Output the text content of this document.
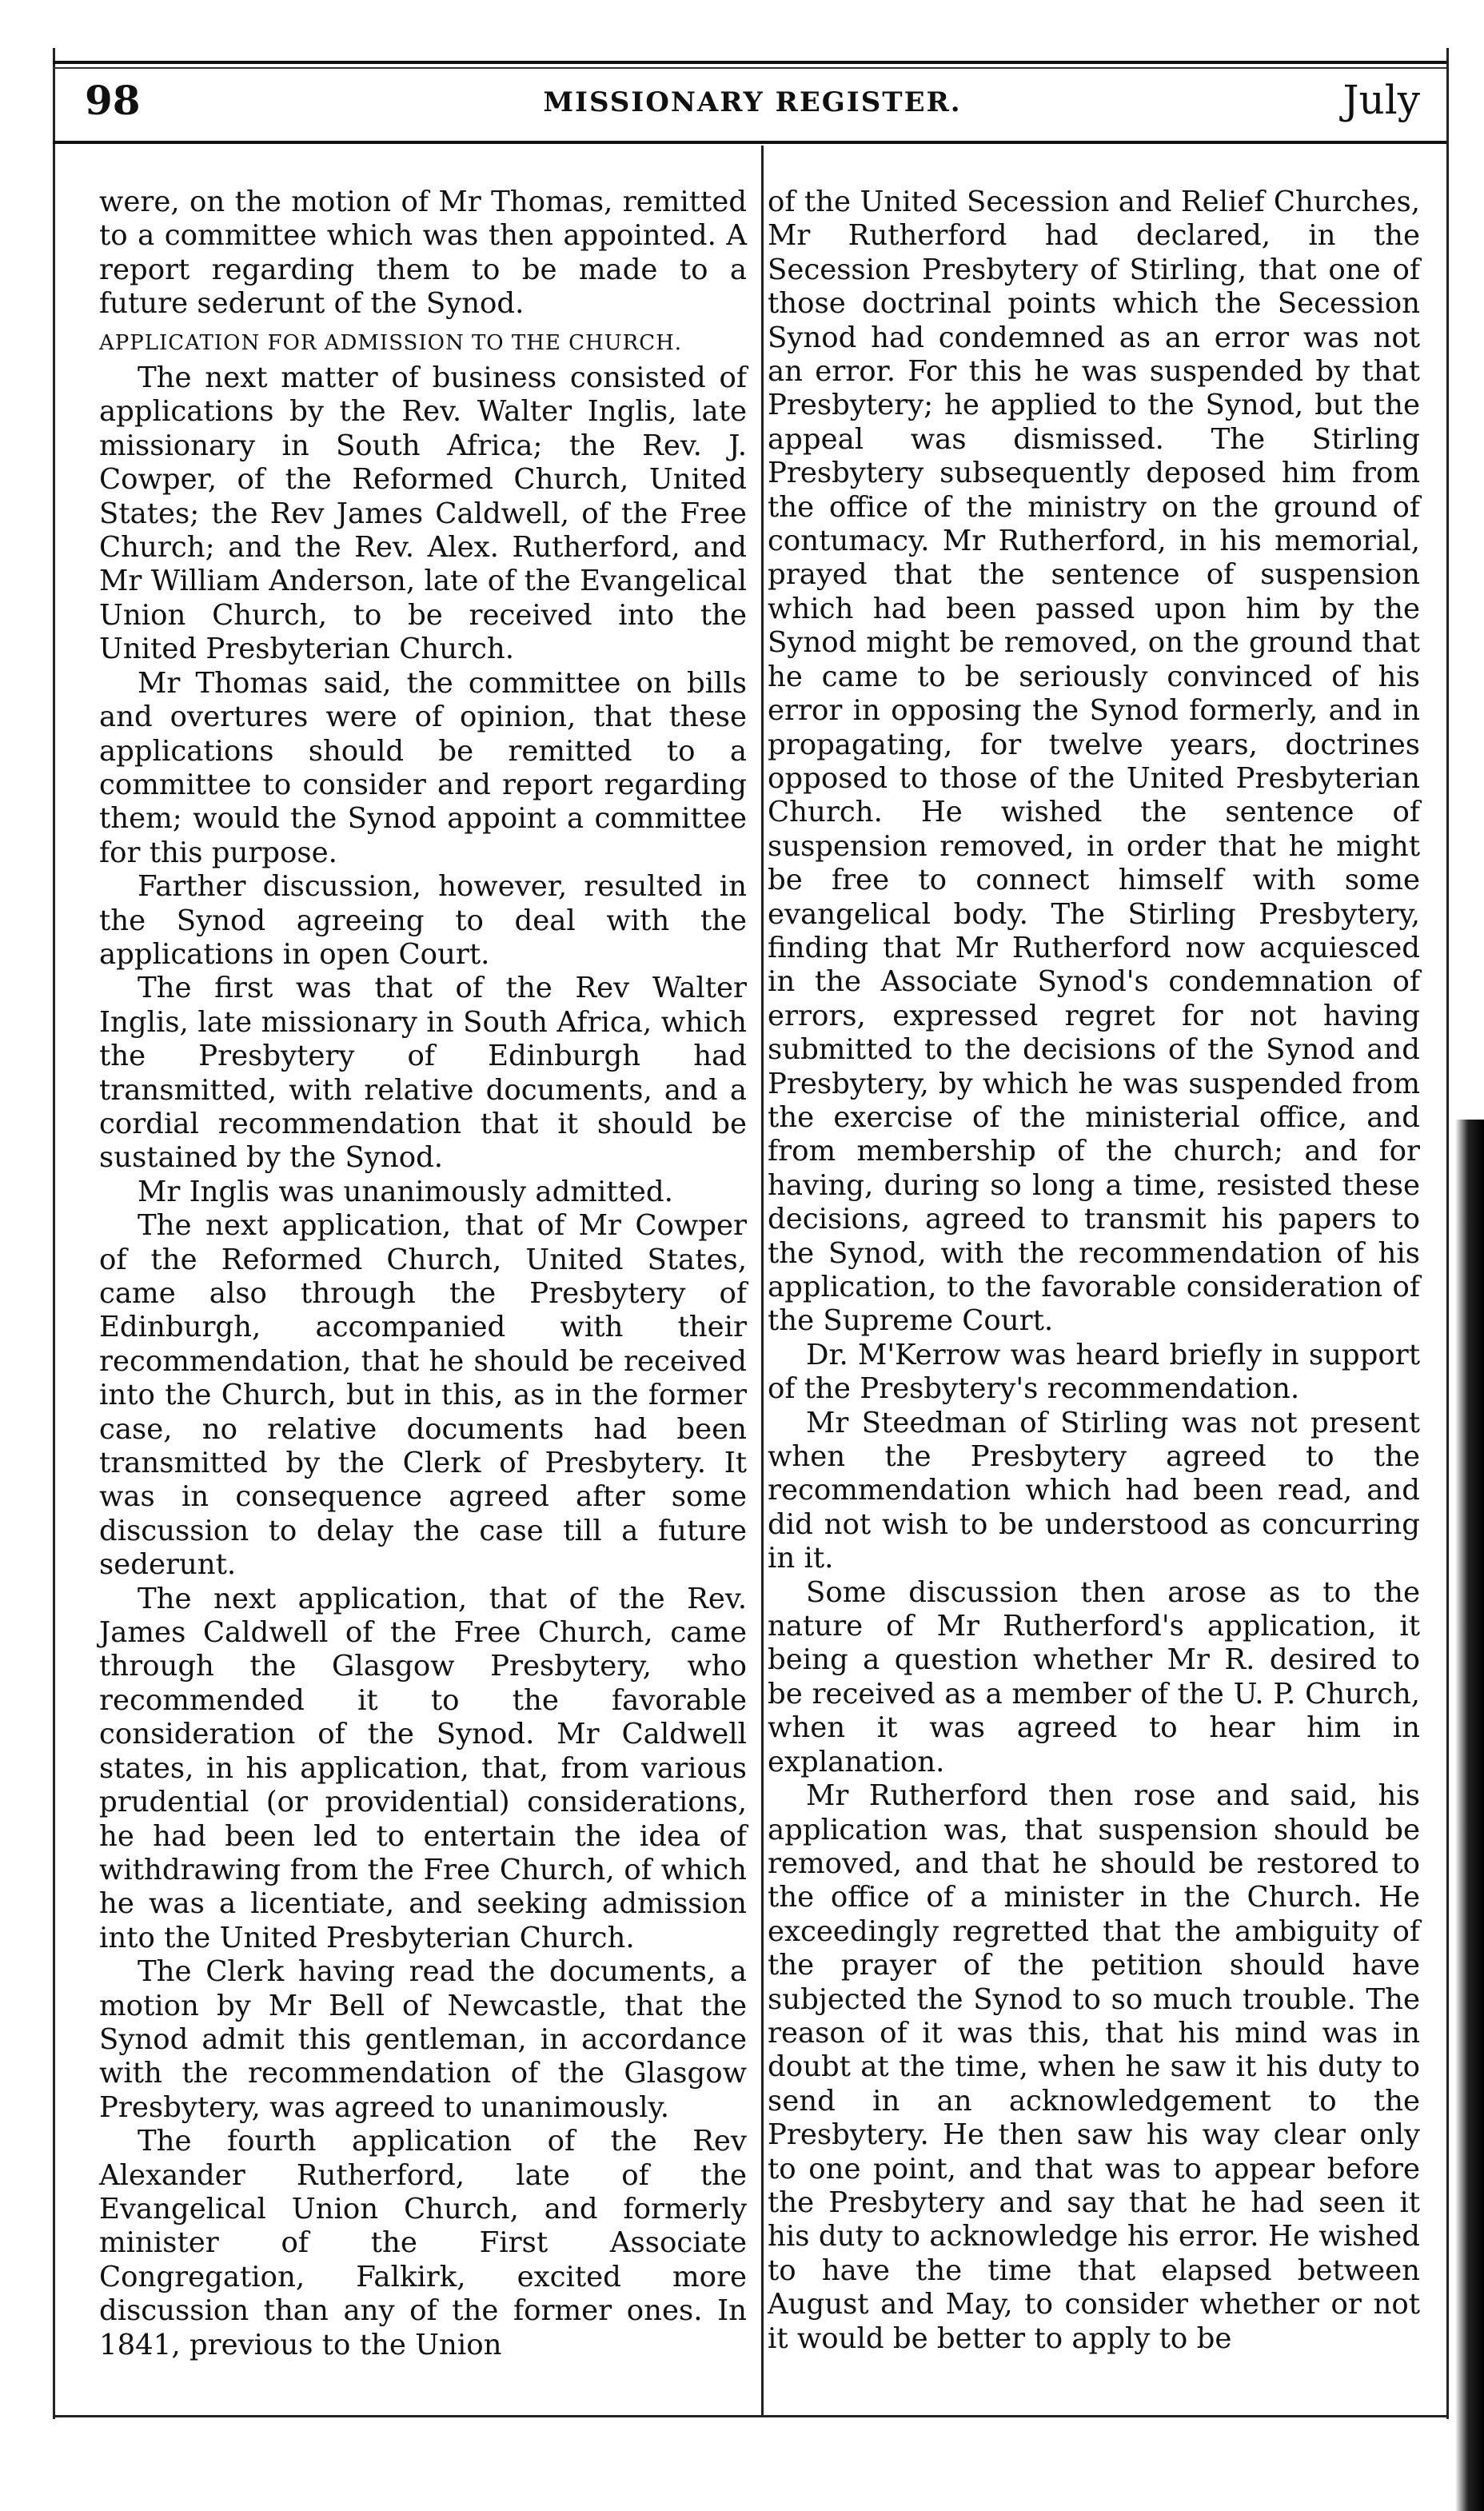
98	MISSIONARY REGISTER.	July

were, on the motion of Mr Thomas, remitted to a committee which was then appointed. A report regarding them to be made to a future sederunt of the Synod.

APPLICATION FOR ADMISSION TO THE CHURCH.

The next matter of business consisted of applications by the Rev. Walter Inglis, late missionary in South Africa; the Rev. J. Cowper, of the Reformed Church, United States; the Rev James Caldwell, of the Free Church; and the Rev. Alex. Rutherford, and Mr William Anderson, late of the Evangelical Union Church, to be received into the United Presbyterian Church.

Mr Thomas said, the committee on bills and overtures were of opinion, that these applications should be remitted to a committee to consider and report regarding them; would the Synod appoint a committee for this purpose.

Farther discussion, however, resulted in the Synod agreeing to deal with the applications in open Court.

The first was that of the Rev Walter Inglis, late missionary in South Africa, which the Presbytery of Edinburgh had transmitted, with relative documents, and a cordial recommendation that it should be sustained by the Synod.

Mr Inglis was unanimously admitted.

The next application, that of Mr Cowper of the Reformed Church, United States, came also through the Presbytery of Edinburgh, accompanied with their recommendation, that he should be received into the Church, but in this, as in the former case, no relative documents had been transmitted by the Clerk of Presbytery. It was in consequence agreed after some discussion to delay the case till a future sederunt.

The next application, that of the Rev. James Caldwell of the Free Church, came through the Glasgow Presbytery, who recommended it to the favorable consideration of the Synod. Mr Caldwell states, in his application, that, from various prudential (or providential) considerations, he had been led to entertain the idea of withdrawing from the Free Church, of which he was a licentiate, and seeking admission into the United Presbyterian Church.

The Clerk having read the documents, a motion by Mr Bell of Newcastle, that the Synod admit this gentleman, in accordance with the recommendation of the Glasgow Presbytery, was agreed to unanimously.

The fourth application of the Rev Alexander Rutherford, late of the Evangelical Union Church, and formerly minister of the First Associate Congregation, Falkirk, excited more discussion than any of the former ones. In 1841, previous to the Union

of the United Secession and Relief Churches, Mr Rutherford had declared, in the Secession Presbytery of Stirling, that one of those doctrinal points which the Secession Synod had condemned as an error was not an error. For this he was suspended by that Presbytery; he applied to the Synod, but the appeal was dismissed. The Stirling Presbytery subsequently deposed him from the office of the ministry on the ground of contumacy. Mr Rutherford, in his memorial, prayed that the sentence of suspension which had been passed upon him by the Synod might be removed, on the ground that he came to be seriously convinced of his error in opposing the Synod formerly, and in propagating, for twelve years, doctrines opposed to those of the United Presbyterian Church. He wished the sentence of suspension removed, in order that he might be free to connect himself with some evangelical body. The Stirling Presbytery, finding that Mr Rutherford now acquiesced in the Associate Synod's condemnation of errors, expressed regret for not having submitted to the decisions of the Synod and Presbytery, by which he was suspended from the exercise of the ministerial office, and from membership of the church; and for having, during so long a time, resisted these decisions, agreed to transmit his papers to the Synod, with the recommendation of his application, to the favorable consideration of the Supreme Court.

Dr. M'Kerrow was heard briefly in support of the Presbytery's recommendation.

Mr Steedman of Stirling was not present when the Presbytery agreed to the recommendation which had been read, and did not wish to be understood as concurring in it.

Some discussion then arose as to the nature of Mr Rutherford's application, it being a question whether Mr R. desired to be received as a member of the U. P. Church, when it was agreed to hear him in explanation.

Mr Rutherford then rose and said, his application was, that suspension should be removed, and that he should be restored to the office of a minister in the Church. He exceedingly regretted that the ambiguity of the prayer of the petition should have subjected the Synod to so much trouble. The reason of it was this, that his mind was in doubt at the time, when he saw it his duty to send in an acknowledgement to the Presbytery. He then saw his way clear only to one point, and that was to appear before the Presbytery and say that he had seen it his duty to acknowledge his error. He wished to have the time that elapsed between August and May, to consider whether or not it would be better to apply to be
